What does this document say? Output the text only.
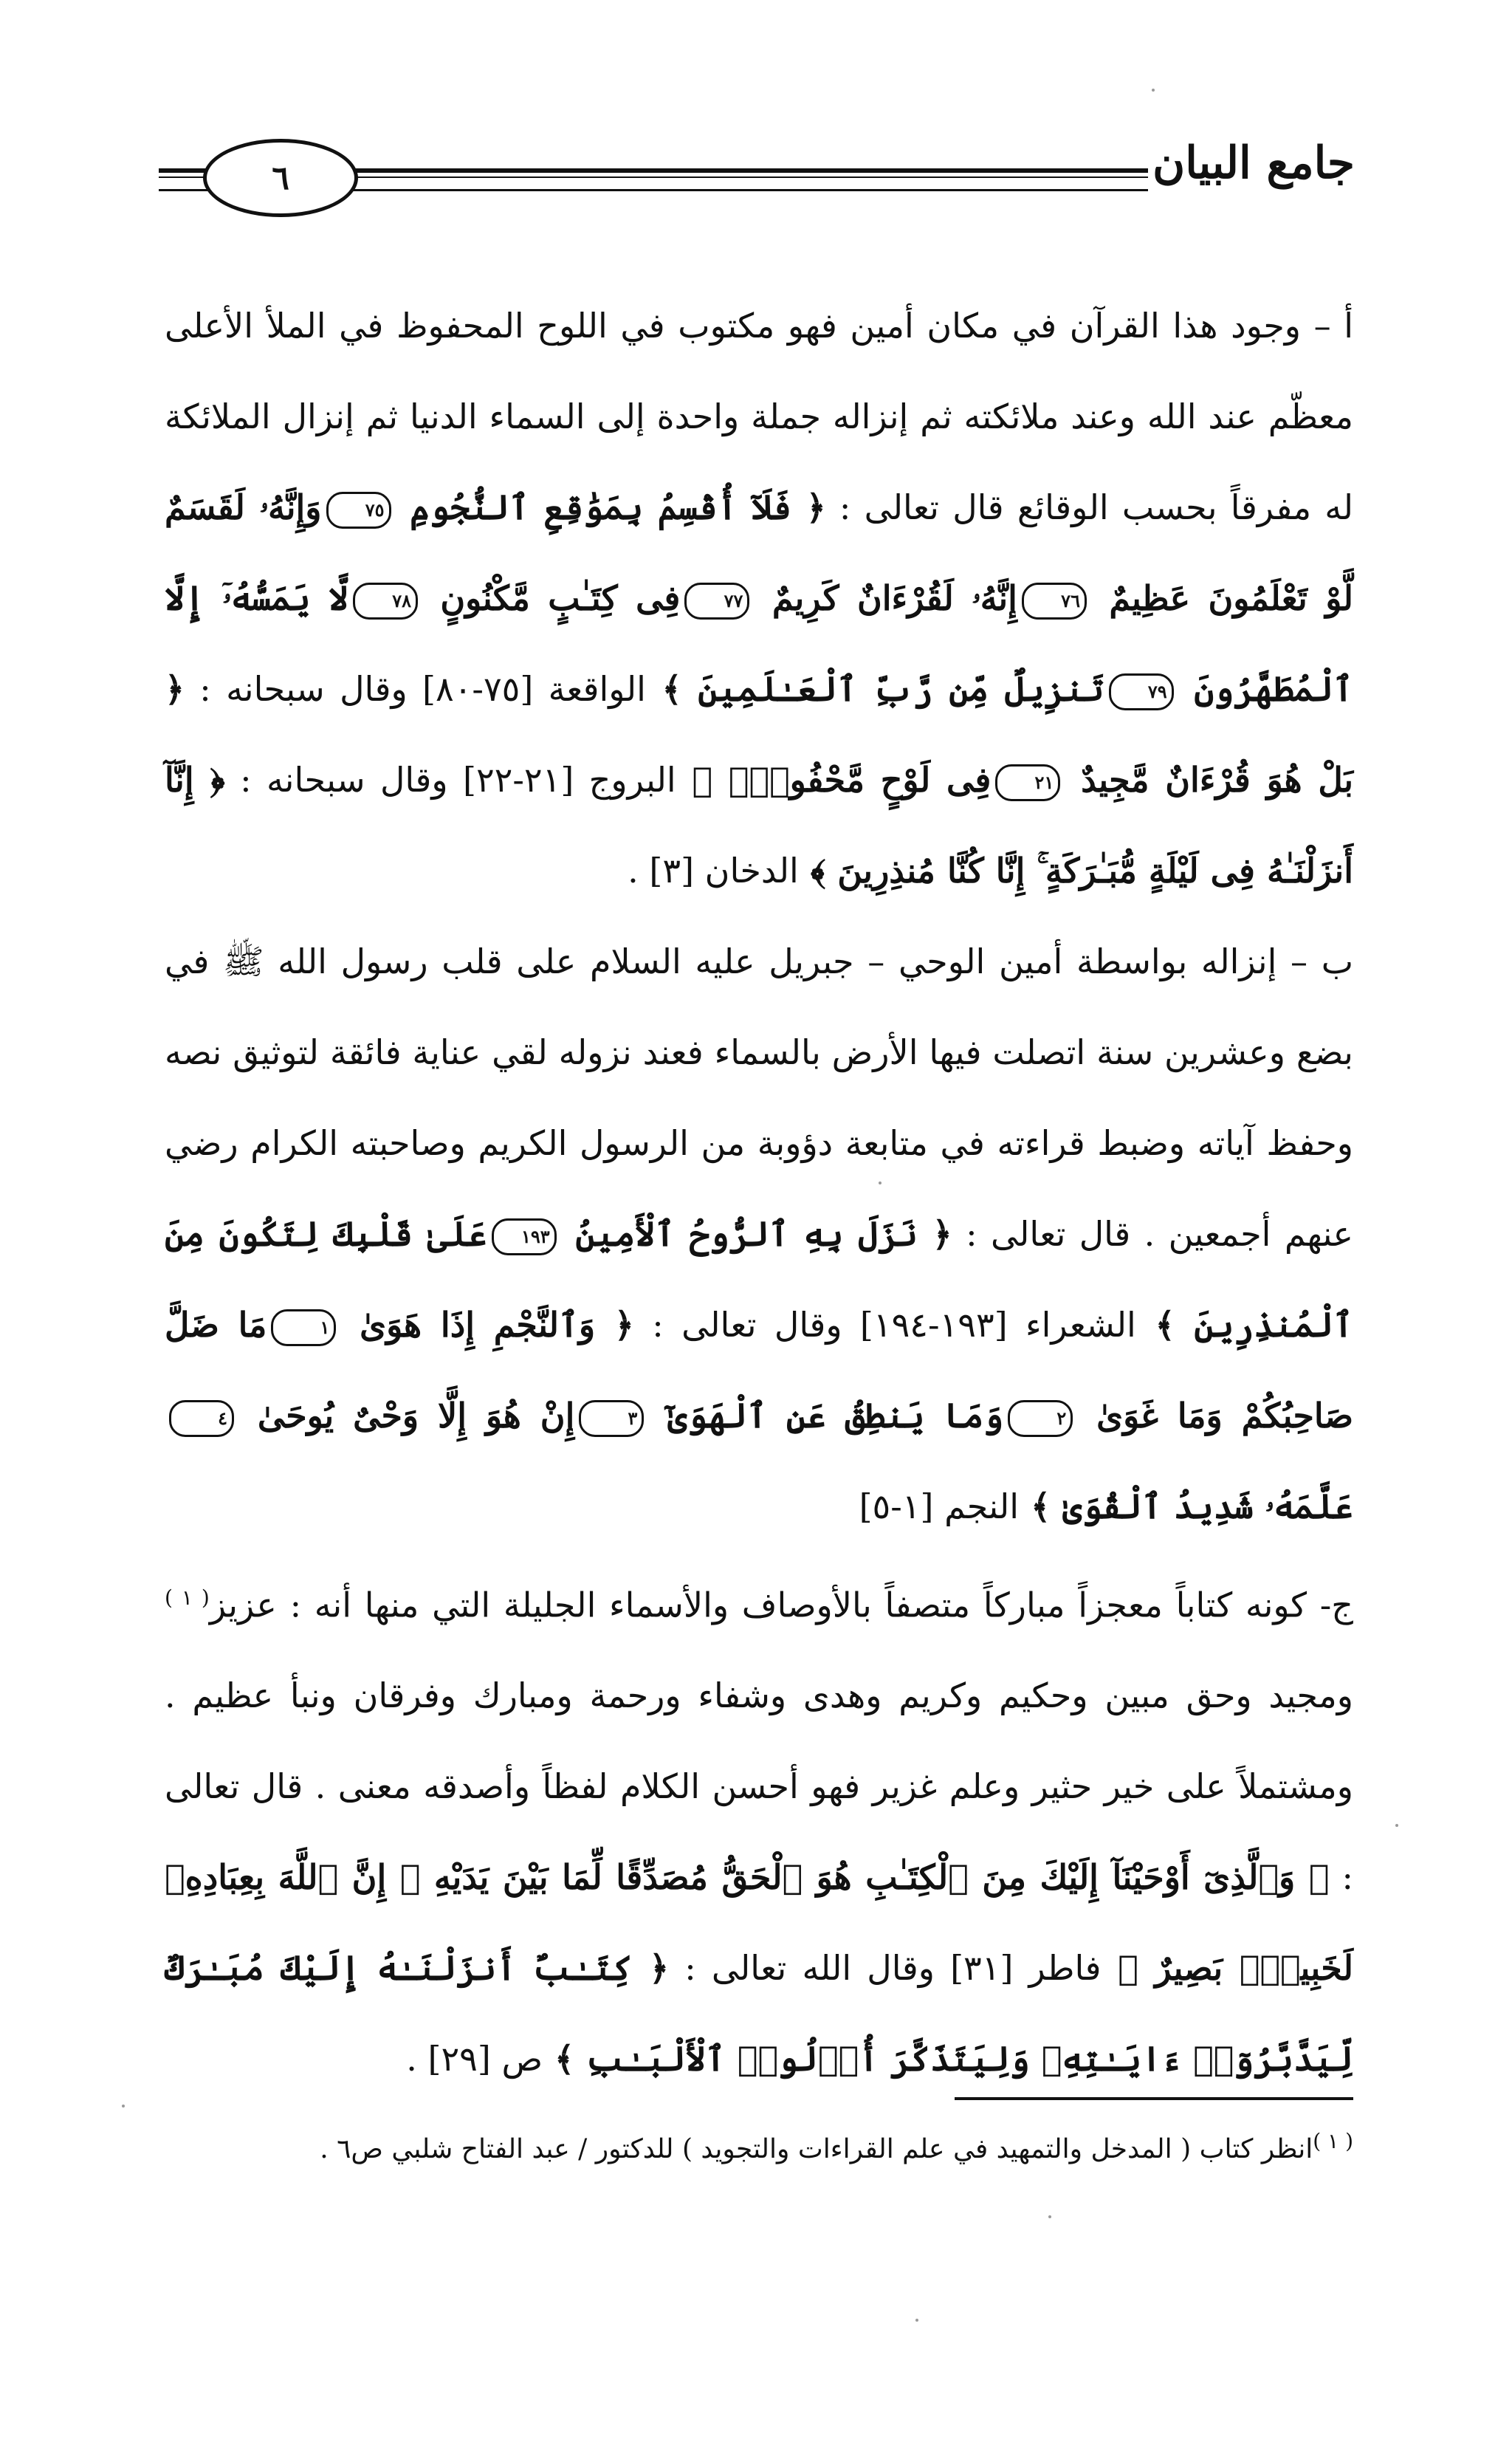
٦	جامع البيان

أ – وجود هذا القرآن في مكان أمين فهو مكتوب في اللوح المحفوظ في الملأ الأعلى معظّم عند الله وعند ملائكته ثم إنزاله جملة واحدة إلى السماء الدنيا ثم إنزال الملائكة له مفرقاً بحسب الوقائع قال تعالى : ﴿ فَلَآ أُقْسِمُ بِمَوَٰقِعِ ٱلنُّجُومِ ٧٥وَإِنَّهُۥ لَقَسَمٌ لَّوْ تَعْلَمُونَ عَظِيمٌ ٧٦إِنَّهُۥ لَقُرْءَانٌ كَرِيمٌ ٧٧فِى كِتَـٰبٍ مَّكْنُونٍ ٧٨لَّا يَمَسُّهُۥٓ إِلَّا ٱلْمُطَهَّرُونَ ٧٩تَنزِيلٌ مِّن رَّبِّ ٱلْعَـٰلَمِينَ ﴾ الواقعة [٧٥-٨٠] وقال سبحانه : ﴿ بَلْ هُوَ قُرْءَانٌ مَّجِيدٌ ٢١فِى لَوْحٍ مَّحْفُوظٍۭ ﴾ البروج [٢١-٢٢] وقال سبحانه : ﴿ إِنَّآ أَنزَلْنَـٰهُ فِى لَيْلَةٍ مُّبَـٰرَكَةٍ ۚ إِنَّا كُنَّا مُنذِرِينَ ﴾ الدخان [٣] .

ب – إنزاله بواسطة أمين الوحي – جبريل عليه السلام على قلب رسول الله ﷺ في بضع وعشرين سنة اتصلت فيها الأرض بالسماء فعند نزوله لقي عناية فائقة لتوثيق نصه وحفظ آياته وضبط قراءته في متابعة دؤوبة من الرسول الكريم وصاحبته الكرام رضي عنهم أجمعين . قال تعالى : ﴿ نَزَلَ بِهِ ٱلرُّوحُ ٱلْأَمِينُ ١٩٣عَلَىٰ قَلْبِكَ لِتَكُونَ مِنَ ٱلْمُنذِرِينَ ﴾ الشعراء [١٩٣-١٩٤] وقال تعالى : ﴿ وَٱلنَّجْمِ إِذَا هَوَىٰ ١مَا ضَلَّ صَاحِبُكُمْ وَمَا غَوَىٰ ٢وَمَا يَنطِقُ عَنِ ٱلْهَوَىٰٓ ٣إِنْ هُوَ إِلَّا وَحْىٌ يُوحَىٰ ٤عَلَّمَهُۥ شَدِيدُ ٱلْقُوَىٰ ﴾ النجم [١-٥]

ج- كونه كتاباً معجزاً مباركاً متصفاً بالأوصاف والأسماء الجليلة التي منها أنه : عزيز$^{( ١ )}$ ومجيد وحق مبين وحكيم وكريم وهدى وشفاء ورحمة ومبارك وفرقان ونبأ عظيم . ومشتملاً على خير حثير وعلم غزير فهو أحسن الكلام لفظاً وأصدقه معنى . قال تعالى : ﴿ وَٱلَّذِىٓ أَوْحَيْنَآ إِلَيْكَ مِنَ ٱلْكِتَـٰبِ هُوَ ٱلْحَقُّ مُصَدِّقًا لِّمَا بَيْنَ يَدَيْهِ ۗ إِنَّ ٱللَّهَ بِعِبَادِهِۦ لَخَبِيرٌۢ بَصِيرٌ ﴾ فاطر [٣١] وقال الله تعالى : ﴿ كِتَـٰبٌ أَنزَلْنَـٰهُ إِلَيْكَ مُبَـٰرَكٌ لِّيَدَّبَّرُوٓا۟ ءَايَـٰتِهِۦ وَلِيَتَذَكَّرَ أُو۟لُوا۟ ٱلْأَلْبَـٰبِ ﴾ ص [٢٩] .

$^{( ١ )}$انظر كتاب ( المدخل والتمهيد في علم القراءات والتجويد ) للدكتور / عبد الفتاح شلبي ص٦ .
